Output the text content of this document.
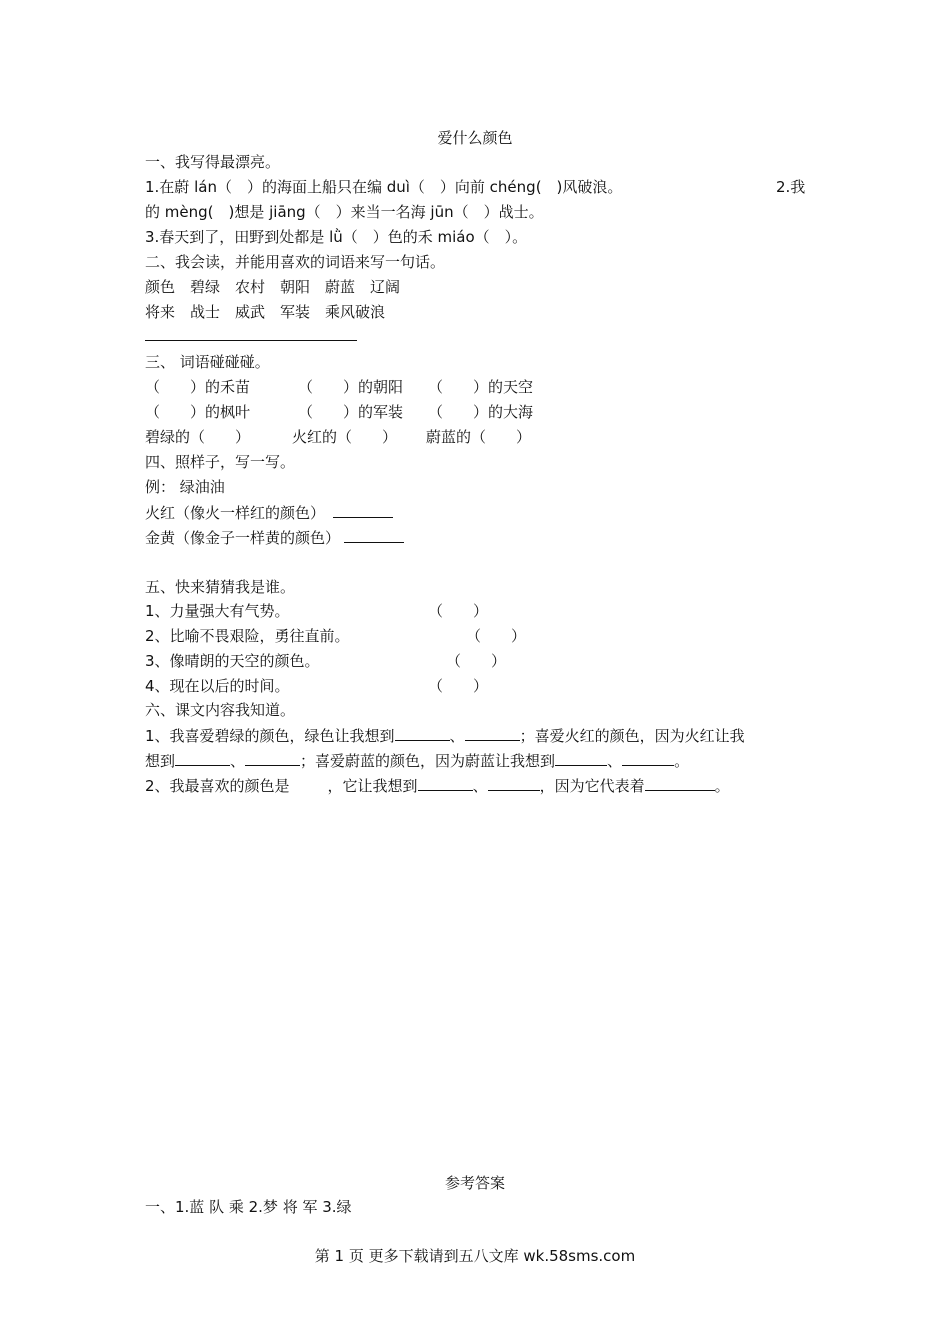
爱什么颜色
一、我写得最漂亮。
1.在蔚 lán（　）的海面上船只在编 duì（　）向前 chéng(　)风破浪。	2.我
的 mèng(　)想是 jiāng（　）来当一名海 jūn（　）战士。
3.春天到了，田野到处都是 lǜ（　）色的禾 miáo（　）。
二、我会读，并能用喜欢的词语来写一句话。
颜色　碧绿　农村　朝阳　蔚蓝　辽阔
将来　战士　威武　军装　乘风破浪
三、 词语碰碰碰。
（　　）的禾苗	（　　）的朝阳 （　　）的天空
（　　）的枫叶	（　　）的军装 （　　）的大海
碧绿的（　　）	火红的（　　） 蔚蓝的（　　）
四、照样子，写一写。
例： 绿油油
火红（像火一样红的颜色）
金黄（像金子一样黄的颜色）
五、快来猜猜我是谁。
1、力量强大有气势。	（　　）
2、比喻不畏艰险，勇往直前。	（　　）
3、像晴朗的天空的颜色。	（　　）
4、现在以后的时间。	（　　）
六、课文内容我知道。
1、我喜爱碧绿的颜色，绿色让我想到	、	；喜爱火红的颜色，因为火红让我
想到	、	；喜爱蔚蓝的颜色，因为蔚蓝让我想到	、	。
2、我最喜欢的颜色是	，它让我想到	、	，因为它代表着	。
参考答案
一、1.蓝 队 乘 2.梦 将 军 3.绿
第 1 页 更多下载请到五八文库 wk.58sms.com
